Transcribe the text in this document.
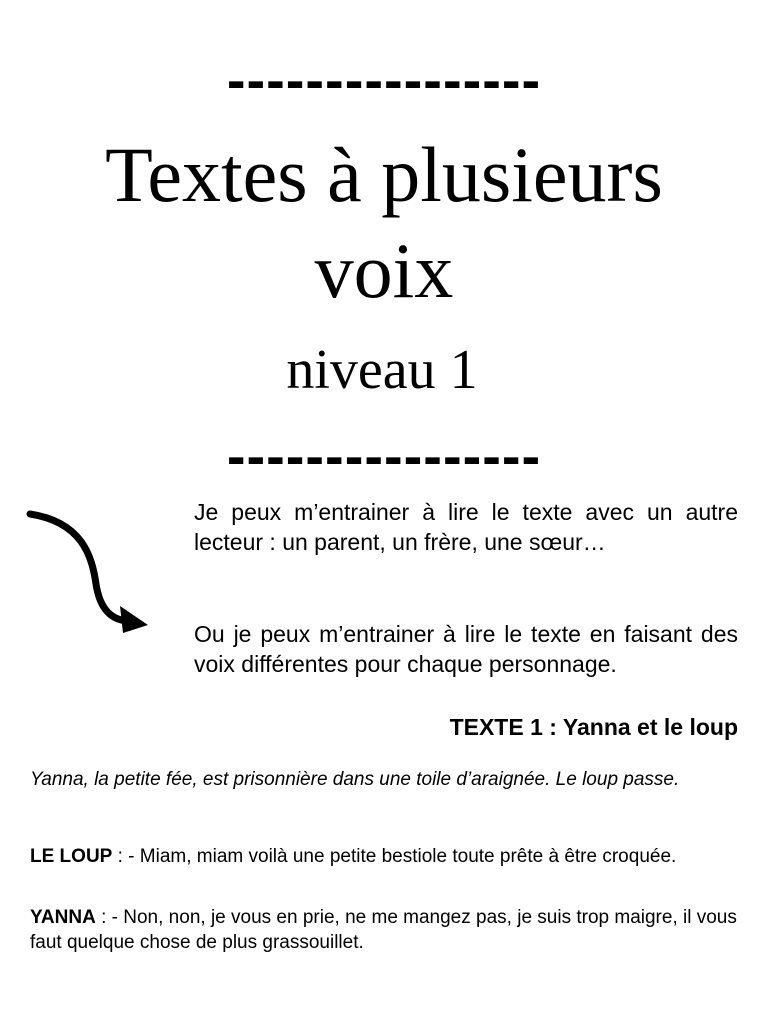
----------------
Textes à plusieurs
voix
niveau 1
----------------

Je peux m’entrainer à lire le texte avec un autre lecteur : un parent, un frère, une sœur…

Ou je peux m’entrainer à lire le texte en faisant des voix différentes pour chaque personnage.

TEXTE 1 : Yanna et le loup

Yanna, la petite fée, est prisonnière dans une toile d’araignée. Le loup passe.

LE LOUP : - Miam, miam voilà une petite bestiole toute prête à être croquée.

YANNA : - Non, non, je vous en prie, ne me mangez pas, je suis trop maigre, il vous faut quelque chose de plus grassouillet.
